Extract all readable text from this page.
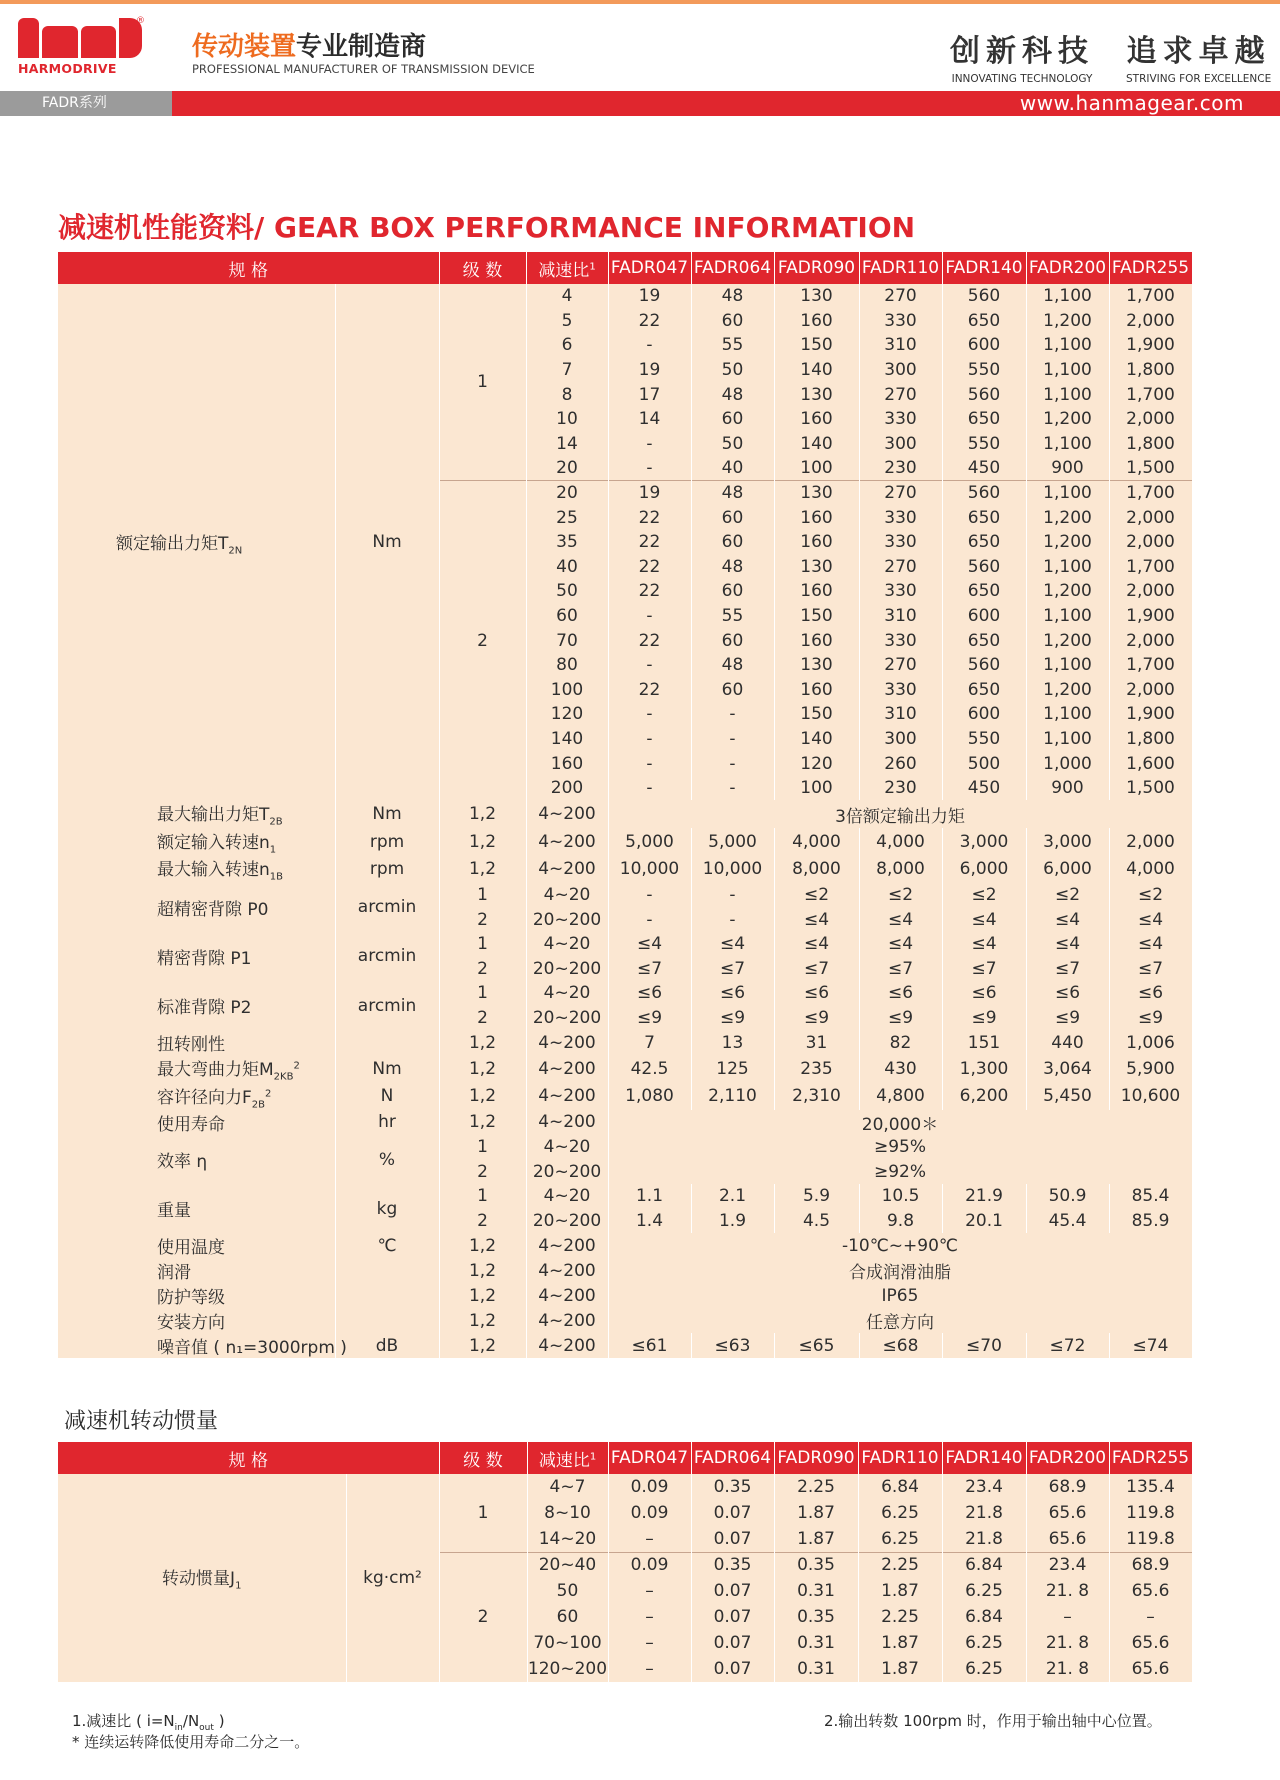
®
HARMODRIVE
传动装置专业制造商
PROFESSIONAL MANUFACTURER OF TRANSMISSION DEVICE	创新科技
INNOVATING TECHNOLOGY
追求卓越
STRIVING FOR EXCELLENCE
FADR系列	www.hanmagear.com
减速机性能资料/ GEAR BOX PERFORMANCE INFORMATION
规 格		级 数	减速比$^1$	FADR047	FADR064	FADR090	FADR110	FADR140	FADR200	FADR255
额定输出力矩$T_{2N}$	Nm	1	4	19	48	130	270	560	1,100	1,700
			5	22	60	160	330	650	1,200	2,000
			6	-	55	150	310	600	1,100	1,900
			7	19	50	140	300	550	1,100	1,800
			8	17	48	130	270	560	1,100	1,700
			10	14	60	160	330	650	1,200	2,000
			14	-	50	140	300	550	1,100	1,800
			20	-	40	100	230	450	900	1,500
		2	20	19	48	130	270	560	1,100	1,700
			25	22	60	160	330	650	1,200	2,000
			35	22	60	160	330	650	1,200	2,000
			40	22	48	130	270	560	1,100	1,700
			50	22	60	160	330	650	1,200	2,000
			60	-	55	150	310	600	1,100	1,900
			70	22	60	160	330	650	1,200	2,000
			80	-	48	130	270	560	1,100	1,700
			100	22	60	160	330	650	1,200	2,000
			120	-	-	150	310	600	1,100	1,900
			140	-	-	140	300	550	1,100	1,800
			160	-	-	120	260	500	1,000	1,600
			200	-	-	100	230	450	900	1,500
最大输出力矩$T_{2B}$	Nm	1,2	4~200	3倍额定输出力矩						
额定输入转速$n_1$	rpm	1,2	4~200	5,000	5,000	4,000	4,000	3,000	3,000	2,000
最大输入转速$n_{1B}$	rpm	1,2	4~200	10,000	10,000	8,000	8,000	6,000	6,000	4,000
超精密背隙 P0	arcmin	1	4~20	-	-	≤2	≤2	≤2	≤2	≤2
		2	20~200	-	-	≤4	≤4	≤4	≤4	≤4
精密背隙 P1	arcmin	1	4~20	≤4	≤4	≤4	≤4	≤4	≤4	≤4
		2	20~200	≤7	≤7	≤7	≤7	≤7	≤7	≤7
标准背隙 P2	arcmin	1	4~20	≤6	≤6	≤6	≤6	≤6	≤6	≤6
		2	20~200	≤9	≤9	≤9	≤9	≤9	≤9	≤9
扭转刚性		1,2	4~200	7	13	31	82	151	440	1,006
最大弯曲力矩$M_{2KB}^2$	Nm	1,2	4~200	42.5	125	235	430	1,300	3,064	5,900
容许径向力$F_{2B}^2$	N	1,2	4~200	1,080	2,110	2,310	4,800	6,200	5,450	10,600
使用寿命	hr	1,2	4~200	20,000＊						
效率 η	%	1	4~20	≥95%						
		2	20~200	≥92%						
重量	kg	1	4~20	1.1	2.1	5.9	10.5	21.9	50.9	85.4
		2	20~200	1.4	1.9	4.5	9.8	20.1	45.4	85.9
使用温度	℃	1,2	4~200	-10℃~+90℃						
润滑		1,2	4~200	合成润滑油脂						
防护等级		1,2	4~200	IP65						
安装方向		1,2	4~200	任意方向						
噪音值 ( n₁=3000rpm )	dB	1,2	4~200	≤61	≤63	≤65	≤68	≤70	≤72	≤74
减速机转动惯量
规 格		级 数	减速比$^1$	FADR047	FADR064	FADR090	FADR110	FADR140	FADR200	FADR255
转动惯量$J_1$	kg·cm²	1	4~7	0.09	0.35	2.25	6.84	23.4	68.9	135.4
			8~10	0.09	0.07	1.87	6.25	21.8	65.6	119.8
			14~20	–	0.07	1.87	6.25	21.8	65.6	119.8
		2	20~40	0.09	0.35	0.35	2.25	6.84	23.4	68.9
			50	–	0.07	0.31	1.87	6.25	21. 8	65.6
			60	–	0.07	0.35	2.25	6.84	–	–
			70~100	–	0.07	0.31	1.87	6.25	21. 8	65.6
			120~200	–	0.07	0.31	1.87	6.25	21. 8	65.6
1.减速比 ( $i=N_{in}/N_{out}$ )
* 连续运转降低使用寿命二分之一。
2.输出转数 100rpm 时，作用于输出轴中心位置。
